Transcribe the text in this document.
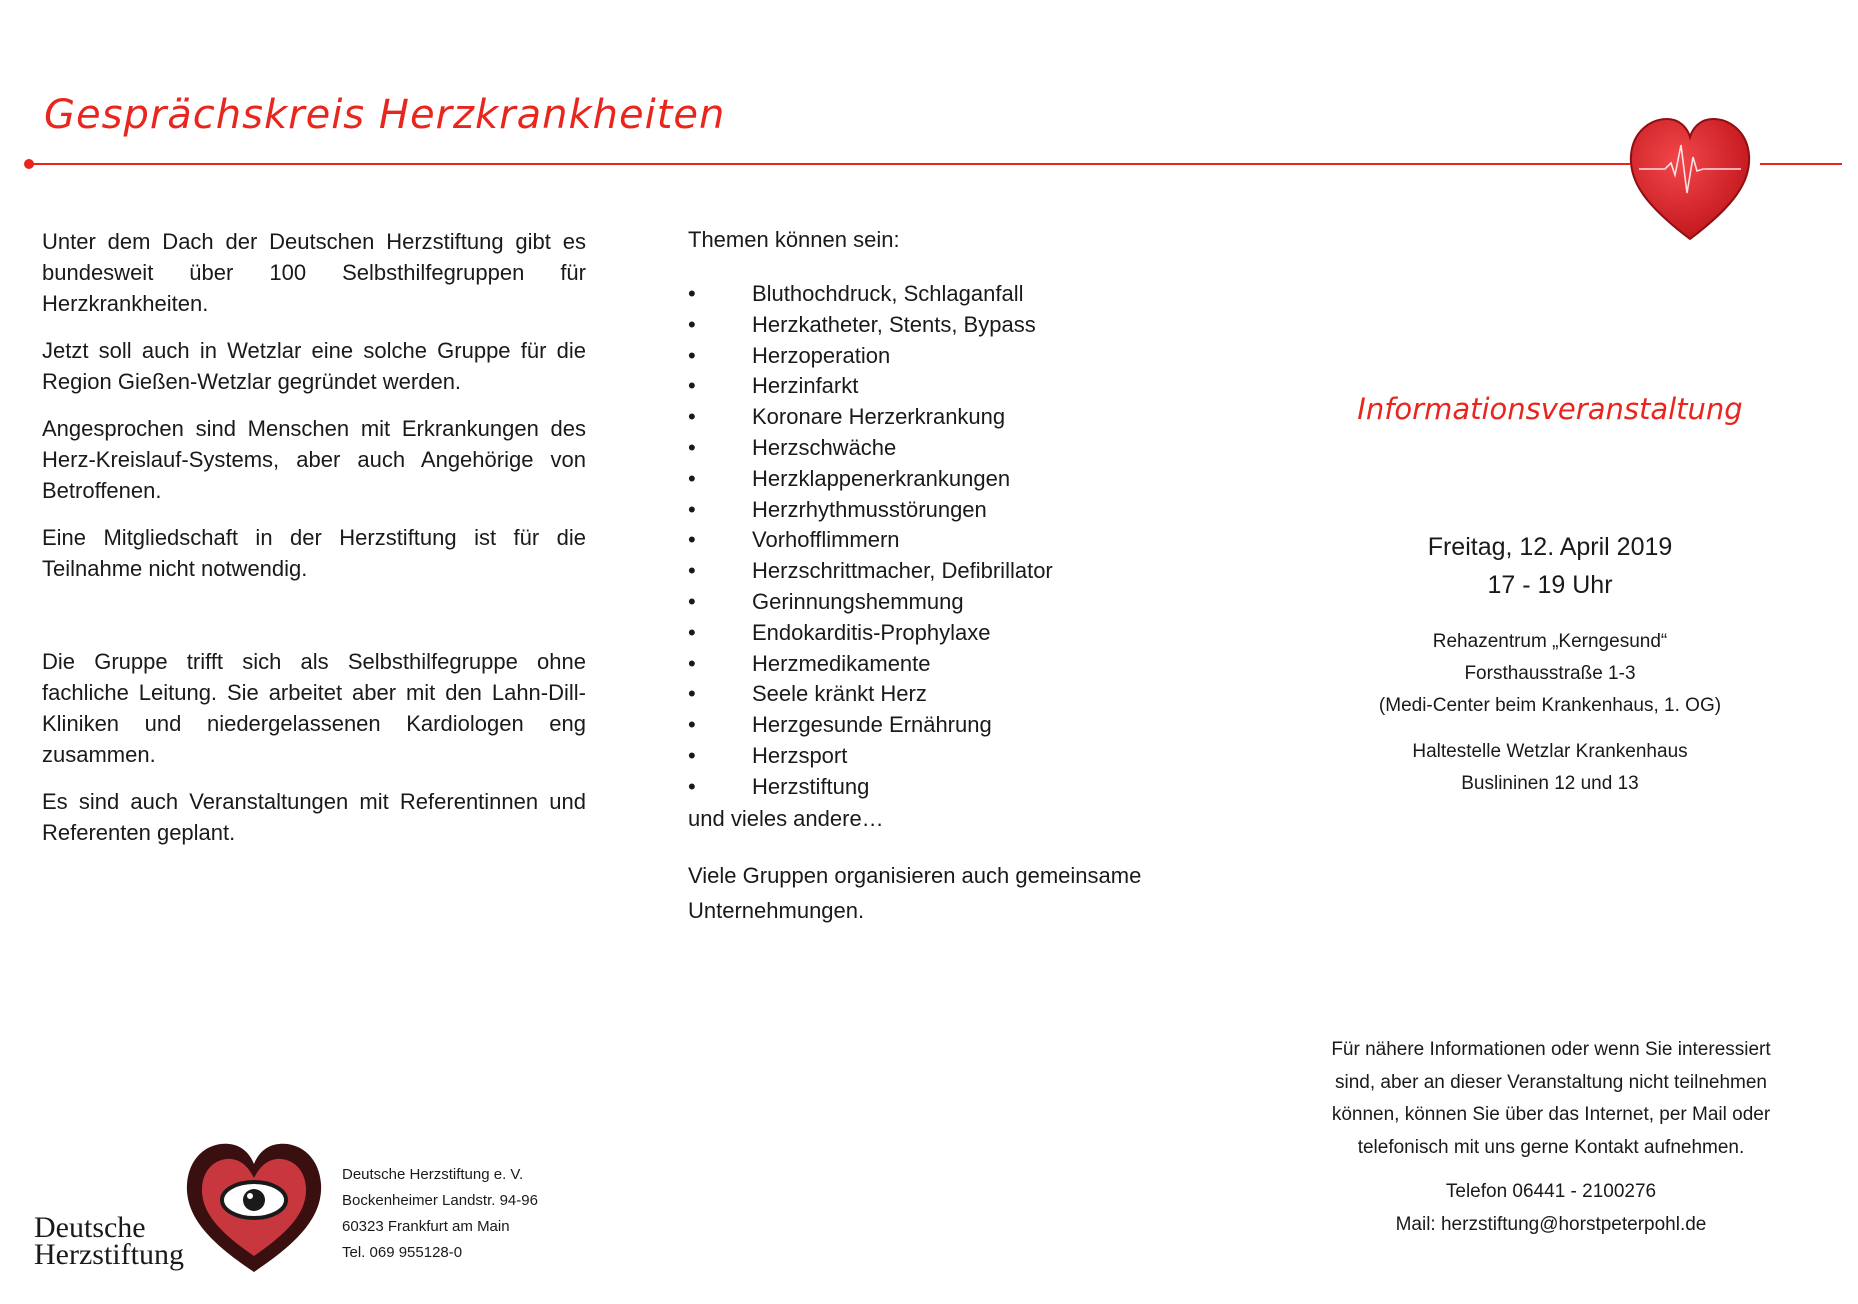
Gesprächskreis Herzkrankheiten

Unter dem Dach der Deutschen Herzstiftung gibt es bundesweit über 100 Selbsthilfegruppen für Herzkrankheiten.

Jetzt soll auch in Wetzlar eine solche Gruppe für die Region Gießen-Wetzlar gegründet werden.

Angesprochen sind Menschen mit Erkrankungen des Herz-Kreislauf-Systems, aber auch Angehörige von Betroffenen.

Eine Mitgliedschaft in der Herzstiftung ist für die Teilnahme nicht notwendig.

Die Gruppe trifft sich als Selbsthilfegruppe ohne fachliche Leitung. Sie arbeitet aber mit den Lahn-Dill-Kliniken und niedergelassenen Kardiologen eng zusammen.

Es sind auch Veranstaltungen mit Referentinnen und Referenten geplant.

Themen können sein:

•	Bluthochdruck, Schlaganfall
•	Herzkatheter, Stents, Bypass
•	Herzoperation
•	Herzinfarkt
•	Koronare Herzerkrankung
•	Herzschwäche
•	Herzklappenerkrankungen
•	Herzrhythmusstörungen
•	Vorhofflimmern
•	Herzschrittmacher, Defibrillator
•	Gerinnungshemmung
•	Endokarditis-Prophylaxe
•	Herzmedikamente
•	Seele kränkt Herz
•	Herzgesunde Ernährung
•	Herzsport
•	Herzstiftung

und vieles andere…

Viele Gruppen organisieren auch gemeinsame Unternehmungen.

Informationsveranstaltung
Freitag, 12. April 2019
17 - 19 Uhr
Rehazentrum „Kerngesund“
Forsthausstraße 1-3
(Medi-Center beim Krankenhaus, 1. OG)
Haltestelle Wetzlar Krankenhaus
Buslininen 12 und 13

Für nähere Informationen oder wenn Sie interessiert sind, aber an dieser Veranstaltung nicht teilnehmen können, können Sie über das Internet, per Mail oder telefonisch mit uns gerne Kontakt aufnehmen.

Telefon 06441 - 2100276

Mail: herzstiftung@horstpeterpohl.de

Deutsche
Herzstiftung
Deutsche Herzstiftung e. V.
Bockenheimer Landstr. 94-96
60323 Frankfurt am Main
Tel. 069 955128-0
